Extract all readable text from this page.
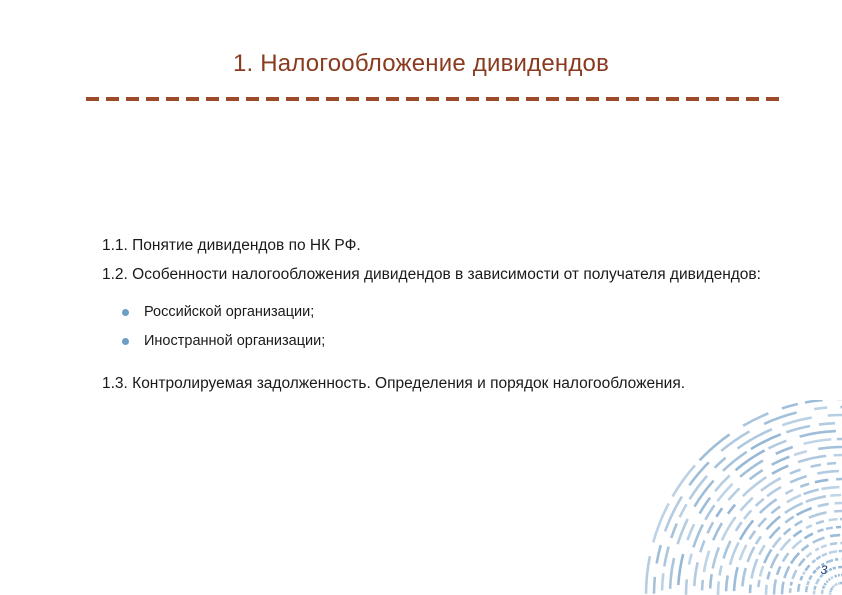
1. Налогообложение дивидендов

1.1. Понятие дивидендов по НК РФ.

1.2. Особенности налогообложения дивидендов в зависимости от получателя дивидендов:

Российской организации;
Иностранной организации;

1.3. Контролируемая задолженность. Определения и порядок налогообложения.

3
